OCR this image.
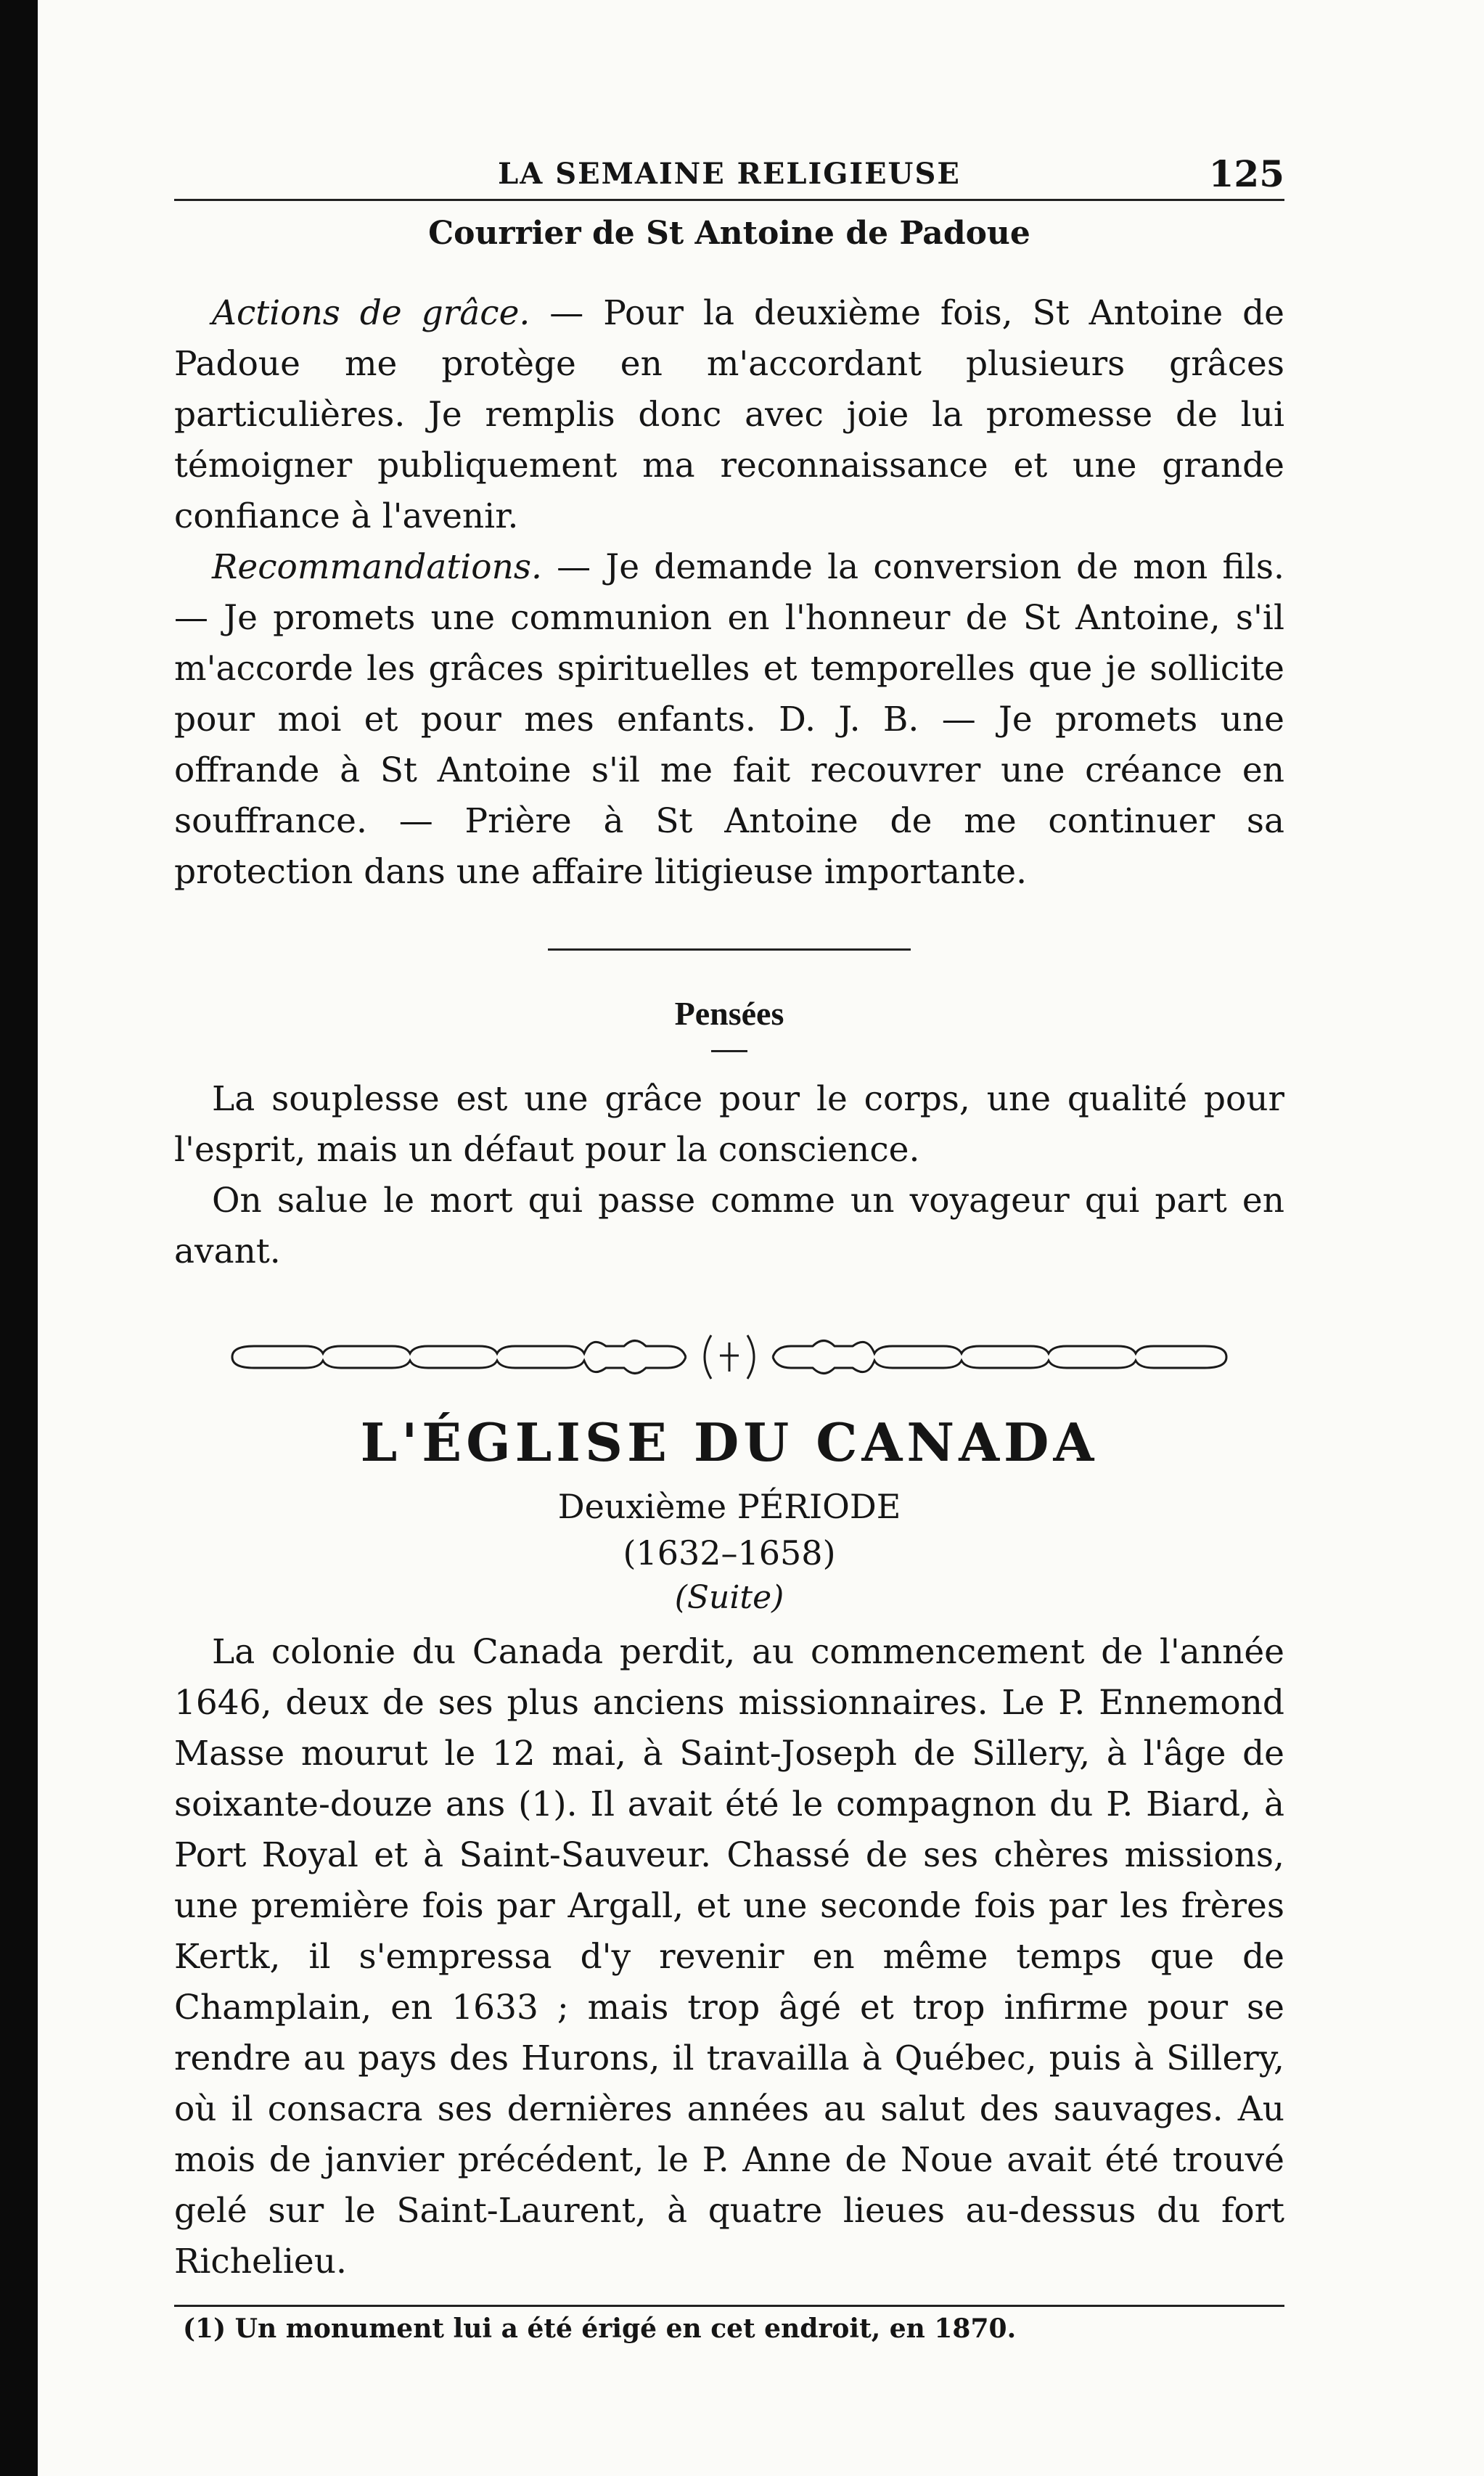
LA SEMAINE RELIGIEUSE	125
Courrier de St Antoine de Padoue

Actions de grâce. — Pour la deuxième fois, St Antoine de Padoue me protège en m'accordant plusieurs grâces particulières. Je remplis donc avec joie la promesse de lui témoigner publiquement ma reconnaissance et une grande confiance à l'avenir.

Recommandations. — Je demande la conversion de mon fils. — Je promets une communion en l'honneur de St Antoine, s'il m'accorde les grâces spirituelles et temporelles que je sollicite pour moi et pour mes enfants. D. J. B. — Je promets une offrande à St Antoine s'il me fait recouvrer une créance en souffrance. — Prière à St Antoine de me continuer sa protection dans une affaire litigieuse importante.

Pensées

La souplesse est une grâce pour le corps, une qualité pour l'esprit, mais un défaut pour la conscience.

On salue le mort qui passe comme un voyageur qui part en avant.

L'ÉGLISE DU CANADA

Deuxième PÉRIODE

(1632–1658)

(Suite)

La colonie du Canada perdit, au commencement de l'année 1646, deux de ses plus anciens missionnaires. Le P. Ennemond Masse mourut le 12 mai, à Saint-Joseph de Sillery, à l'âge de soixante-douze ans (1). Il avait été le compagnon du P. Biard, à Port Royal et à Saint-Sauveur. Chassé de ses chères missions, une première fois par Argall, et une seconde fois par les frères Kertk, il s'empressa d'y revenir en même temps que de Champlain, en 1633 ; mais trop âgé et trop infirme pour se rendre au pays des Hurons, il travailla à Québec, puis à Sillery, où il consacra ses dernières années au salut des sauvages. Au mois de janvier précédent, le P. Anne de Noue avait été trouvé gelé sur le Saint-Laurent, à quatre lieues au-dessus du fort Richelieu.

(1) Un monument lui a été érigé en cet endroit, en 1870.
